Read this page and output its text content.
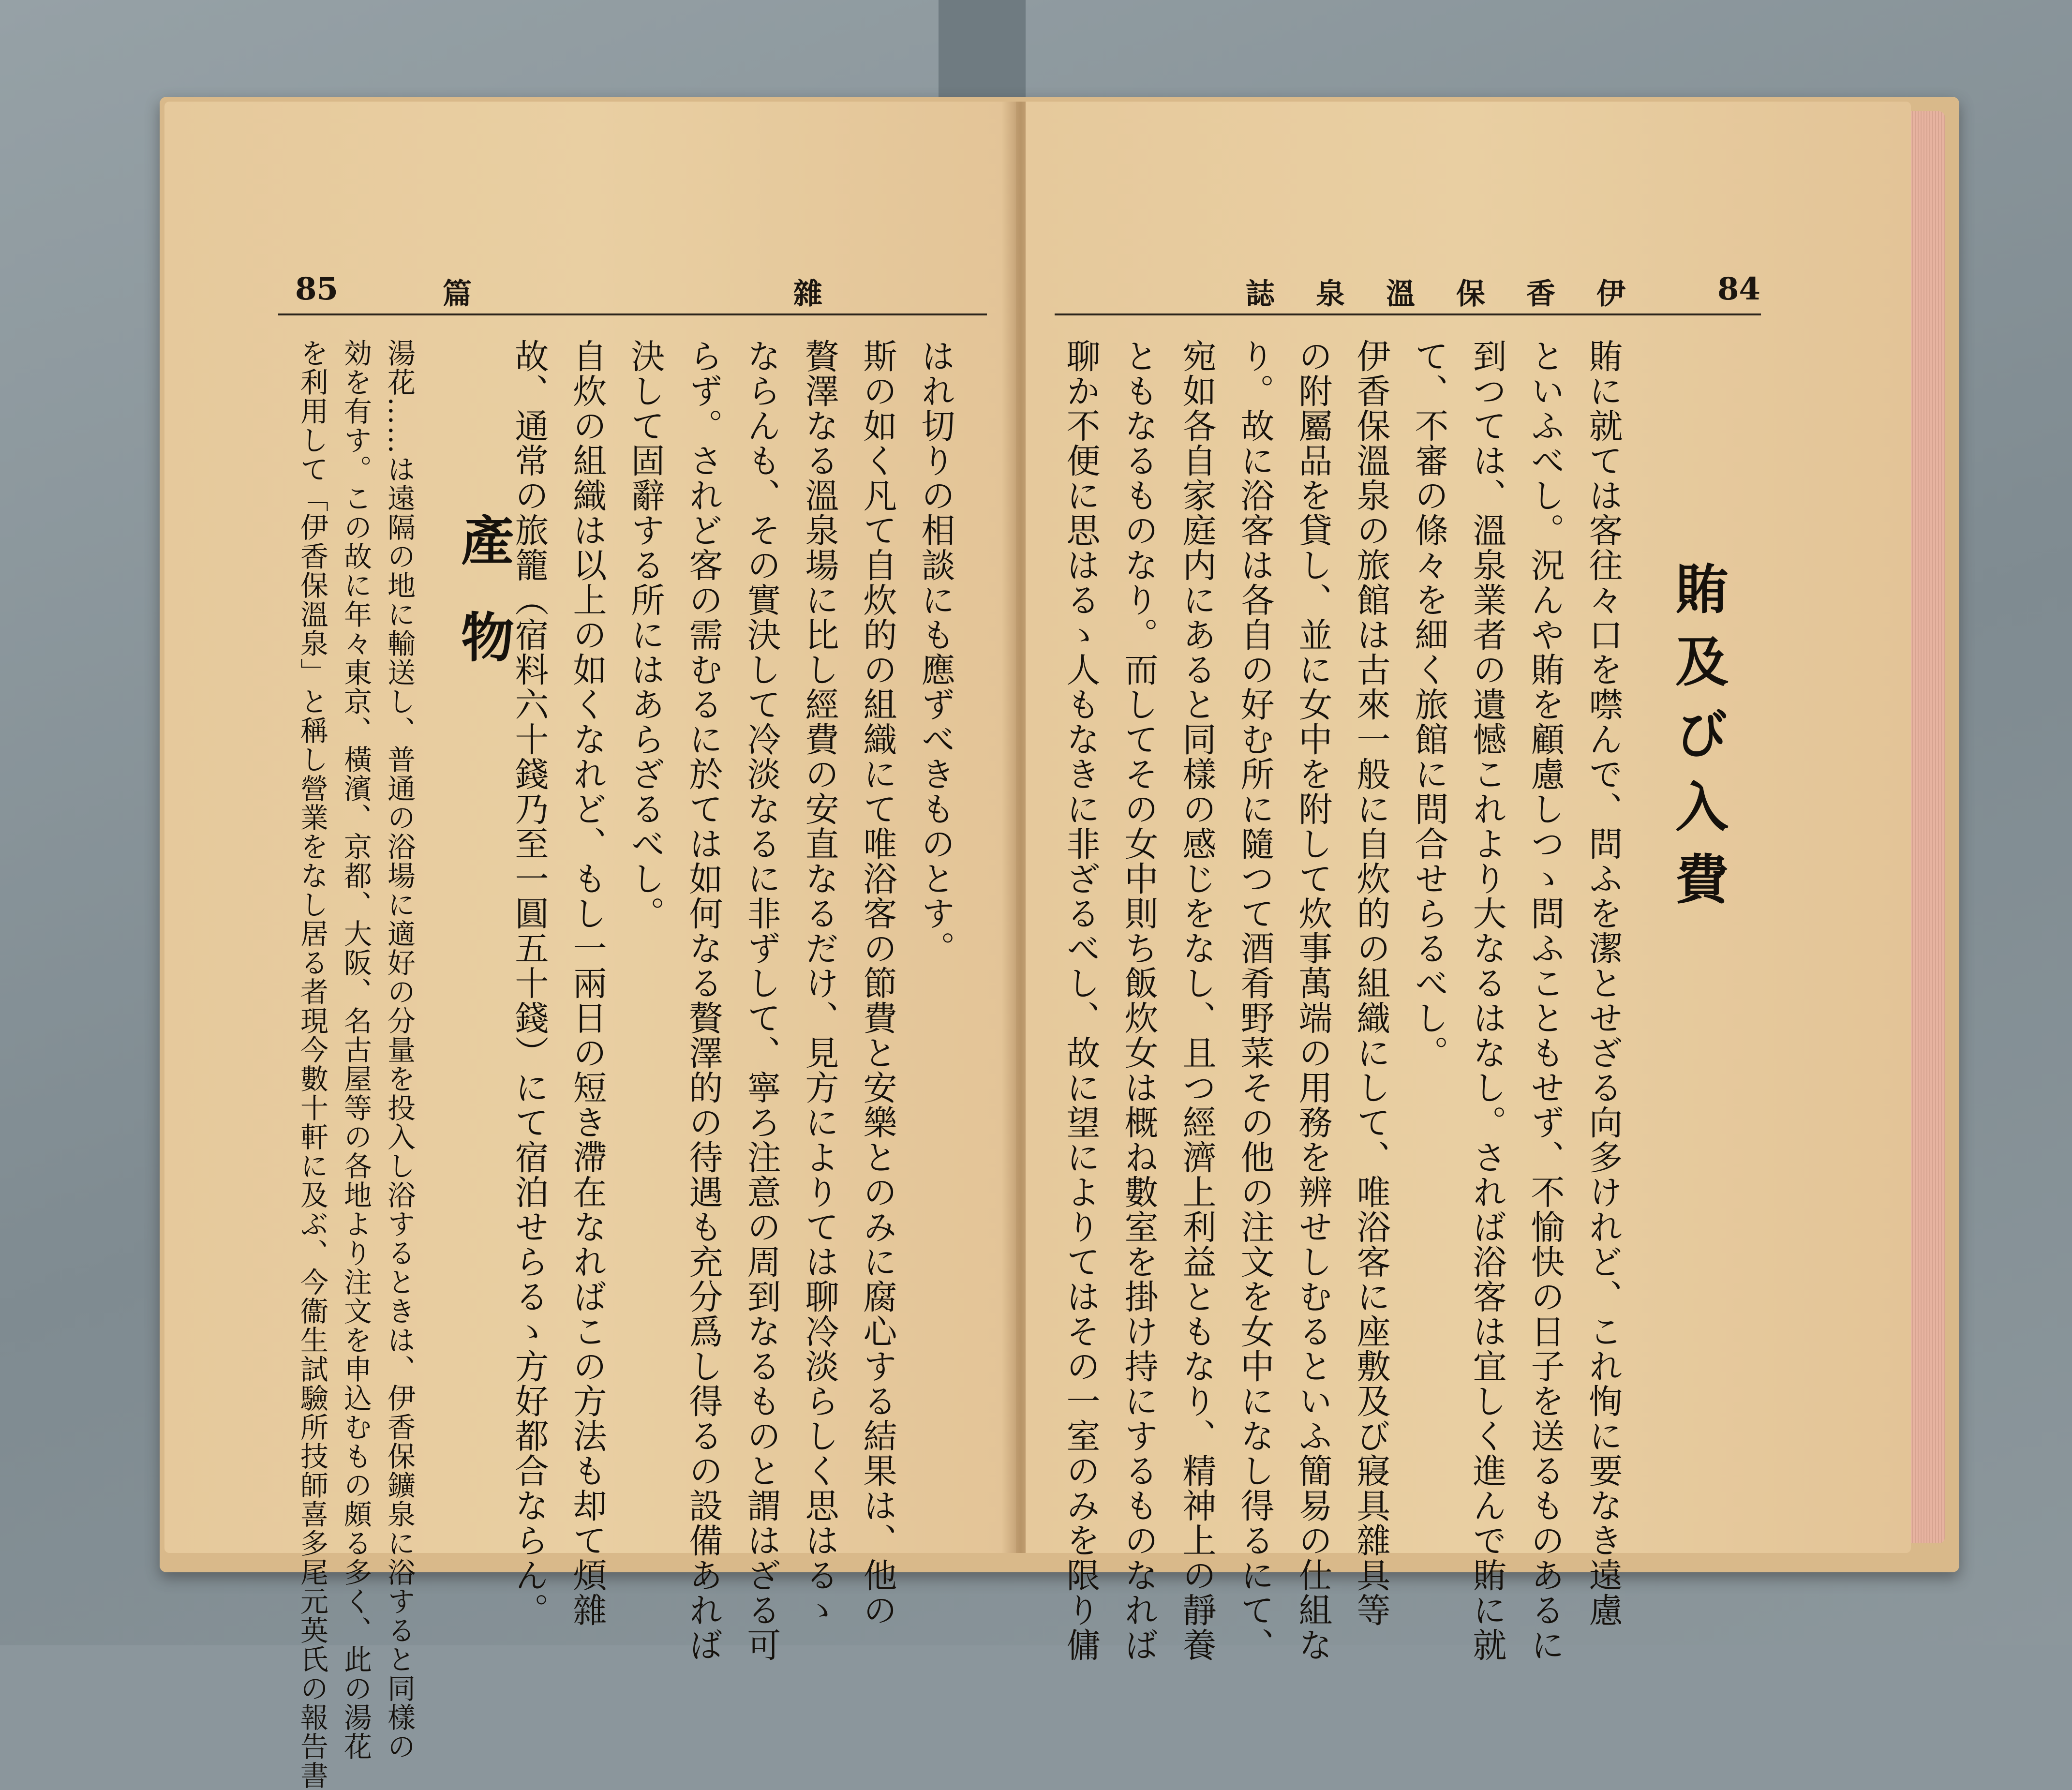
85	篇	雜
はれ切りの相談にも應ずべきものとす。
斯の如く凡て自炊的の組織にて唯浴客の節費と安樂とのみに腐心する結果は、他の
贅澤なる溫泉場に比し經費の安直なるだけ、見方によりては聊冷淡らしく思はるゝ
ならんも、その實決して冷淡なるに非ずして、寧ろ注意の周到なるものと謂はざる可
らず。されど客の需むるに於ては如何なる贅澤的の待遇も充分爲し得るの設備あれば
決して固辭する所にはあらざるべし。
自炊の組織は以上の如くなれど、もし一兩日の短き滯在なればこの方法も却て煩雜
故、通常の旅籠（宿料六十錢乃至一圓五十錢）にて宿泊せらるゝ方好都合ならん。
產物
湯花……は遠隔の地に輸送し、普通の浴場に適好の分量を投入し浴するときは、伊香保鑛泉に浴すると同樣の
効を有す。この故に年々東京、橫濱、京都、大阪、名古屋等の各地より注文を申込むもの頗る多く、此の湯花
を利用して「伊香保溫泉」と稱し營業をなし居る者現今數十軒に及ぶ、今衞生試驗所技師喜多尾元英氏の報告書
84
誌 泉 溫 保 香 伊
賄及び入費
賄に就ては客往々口を噤んで、問ふを潔とせざる向多けれど、これ恂に要なき遠慮
といふべし。況んや賄を顧慮しつゝ問ふこともせず、不愉快の日子を送るものあるに
到つては、溫泉業者の遺憾これより大なるはなし。されば浴客は宜しく進んで賄に就
て、不審の條々を細く旅館に問合せらるべし。
伊香保溫泉の旅館は古來一般に自炊的の組織にして、唯浴客に座敷及び寢具雜具等
の附屬品を貸し、並に女中を附して炊事萬端の用務を辨せしむるといふ簡易の仕組な
り。故に浴客は各自の好む所に隨つて酒肴野菜その他の注文を女中になし得るにて、
宛如各自家庭内にあると同樣の感じをなし、且つ經濟上利益ともなり、精神上の靜養
ともなるものなり。而してその女中則ち飯炊女は概ね數室を掛け持にするものなれば
聊か不便に思はるゝ人もなきに非ざるべし、故に望によりてはその一室のみを限り傭
